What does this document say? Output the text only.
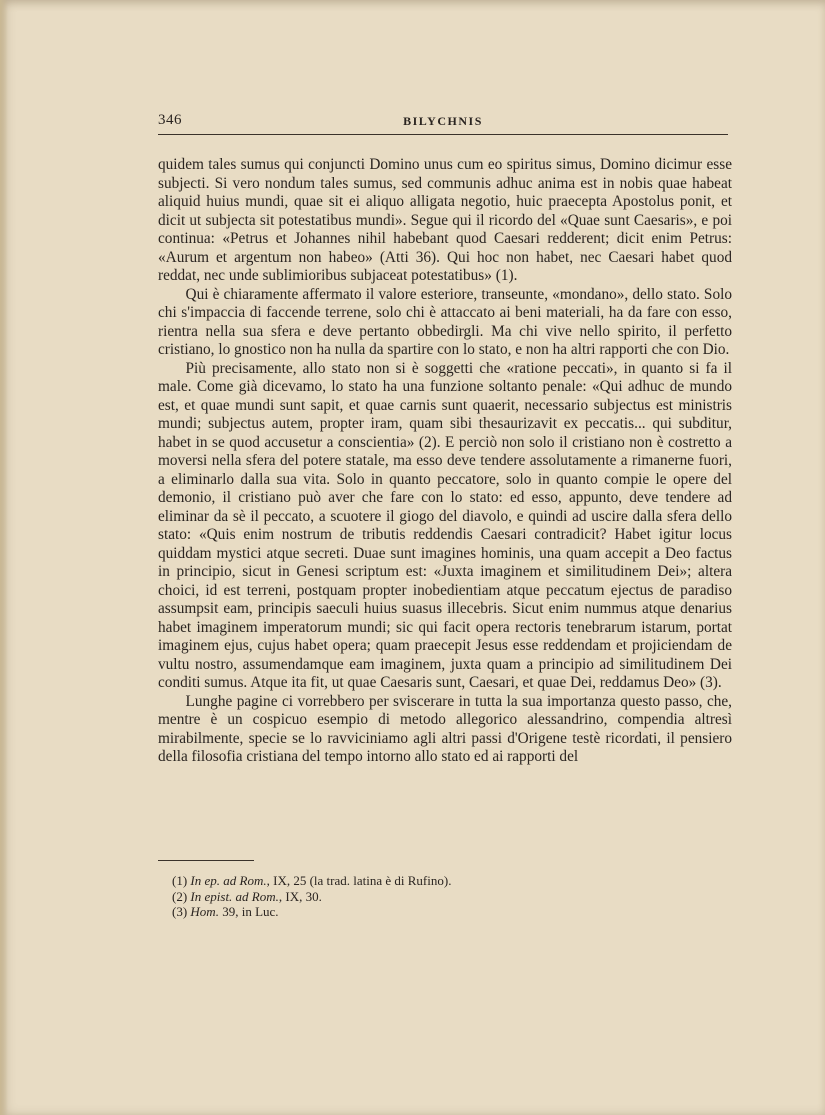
346	BILYCHNIS

quidem tales sumus qui conjuncti Domino unus cum eo spiritus simus, Domino dicimur esse subjecti. Si vero nondum tales sumus, sed communis adhuc anima est in nobis quae habeat aliquid huius mundi, quae sit ei aliquo alligata negotio, huic praecepta Apostolus ponit, et dicit ut subjecta sit potestatibus mundi». Segue qui il ricordo del «Quae sunt Caesaris», e poi continua: «Petrus et Johannes nihil habebant quod Caesari redderent; dicit enim Petrus: «Aurum et argentum non habeo» (Atti 36). Qui hoc non habet, nec Caesari habet quod reddat, nec unde sublimioribus subjaceat potestatibus» (1).

Qui è chiaramente affermato il valore esteriore, transeunte, «mondano», dello stato. Solo chi s'impaccia di faccende terrene, solo chi è attaccato ai beni materiali, ha da fare con esso, rientra nella sua sfera e deve pertanto obbedirgli. Ma chi vive nello spirito, il perfetto cristiano, lo gnostico non ha nulla da spartire con lo stato, e non ha altri rapporti che con Dio.

Più precisamente, allo stato non si è soggetti che «ratione peccati», in quanto si fa il male. Come già dicevamo, lo stato ha una funzione soltanto penale: «Qui adhuc de mundo est, et quae mundi sunt sapit, et quae carnis sunt quaerit, necessario subjectus est ministris mundi; subjectus autem, propter iram, quam sibi thesaurizavit ex peccatis... qui subditur, habet in se quod accusetur a conscientia» (2). E perciò non solo il cristiano non è costretto a moversi nella sfera del potere statale, ma esso deve tendere assolutamente a rimanerne fuori, a eliminarlo dalla sua vita. Solo in quanto peccatore, solo in quanto compie le opere del demonio, il cristiano può aver che fare con lo stato: ed esso, appunto, deve tendere ad eliminar da sè il peccato, a scuotere il giogo del diavolo, e quindi ad uscire dalla sfera dello stato: «Quis enim nostrum de tributis reddendis Caesari contradicit? Habet igitur locus quiddam mystici atque secreti. Duae sunt imagines hominis, una quam accepit a Deo factus in principio, sicut in Genesi scriptum est: «Juxta imaginem et similitudinem Dei»; altera choici, id est terreni, postquam propter inobedientiam atque peccatum ejectus de paradiso assumpsit eam, principis saeculi huius suasus illecebris. Sicut enim nummus atque denarius habet imaginem imperatorum mundi; sic qui facit opera rectoris tenebrarum istarum, portat imaginem ejus, cujus habet opera; quam praecepit Jesus esse reddendam et projiciendam de vultu nostro, assumendamque eam imaginem, juxta quam a principio ad similitudinem Dei conditi sumus. Atque ita fit, ut quae Caesaris sunt, Caesari, et quae Dei, reddamus Deo» (3).

Lunghe pagine ci vorrebbero per sviscerare in tutta la sua importanza questo passo, che, mentre è un cospicuo esempio di metodo allegorico alessandrino, compendia altresì mirabilmente, specie se lo ravviciniamo agli altri passi d'Origene testè ricordati, il pensiero della filosofia cristiana del tempo intorno allo stato ed ai rapporti del

(1) In ep. ad Rom., IX, 25 (la trad. latina è di Rufino).

(2) In epist. ad Rom., IX, 30.

(3) Hom. 39, in Luc.
